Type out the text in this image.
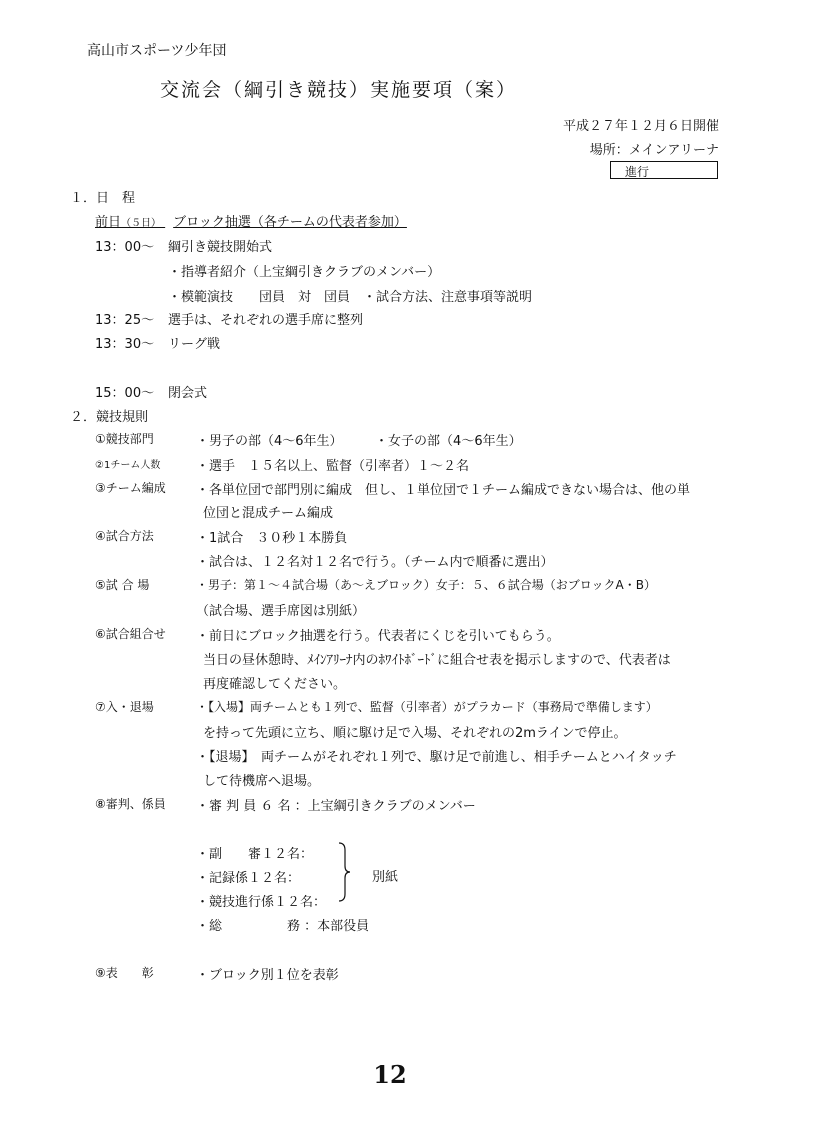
高山市スポーツ少年団
交流会（綱引き競技）実施要項（案）
平成２７年１２月６日開催
場所：メインアリーナ
進行
１．日　程
前日（５日） ブロック抽選（各チームの代表者参加）
13：00～ 綱引き競技開始式
・指導者紹介（上宝綱引きクラブのメンバー）
・模範演技　　団員　対　団員　・試合方法、注意事項等説明
13：25～ 選手は、それぞれの選手席に整列
13：30～ リーグ戦
15：00～ 閉会式
２．競技規則
①競技部門	・男子の部（4～6年生）　　　・女子の部（4～6年生）
②1チーム人数	・選手　１５名以上、監督（引率者）１～２名
③チーム編成 ・各単位団で部門別に編成　但し、１単位団で１チーム編成できない場合は、他の単
位団と混成チーム編成
④試合方法	・1試合　３０秒１本勝負
・試合は、１２名対１２名で行う。（チーム内で順番に選出）
⑤試 合 場	・男子：第１～４試合場（あ～えブロック）女子：５、６試合場（おブロックA・B）
（試合場、選手席図は別紙）
⑥試合組合せ ・前日にブロック抽選を行う。代表者にくじを引いてもらう。
当日の昼休憩時、ﾒｲﾝｱﾘｰﾅ内のﾎﾜｲﾄﾎﾞｰﾄﾞに組合せ表を掲示しますので、代表者は
再度確認してください。
⑦入・退場	・【入場】両チームとも１列で、監督（引率者）がプラカード（事務局で準備します）
を持って先頭に立ち、順に駆け足で入場、それぞれの2mラインで停止。
・【退場】　両チームがそれぞれ１列で、駆け足で前進し、相手チームとハイタッチ
して待機席へ退場。
⑧審判、係員 ・審 判 員 ６ 名 ：上宝綱引きクラブのメンバー
・副　　審１２名：
・記録係１２名：
・競技進行係１２名：
別紙
・総　　　　　務 ：本部役員
⑨表　　彰	・ブロック別１位を表彰
12
